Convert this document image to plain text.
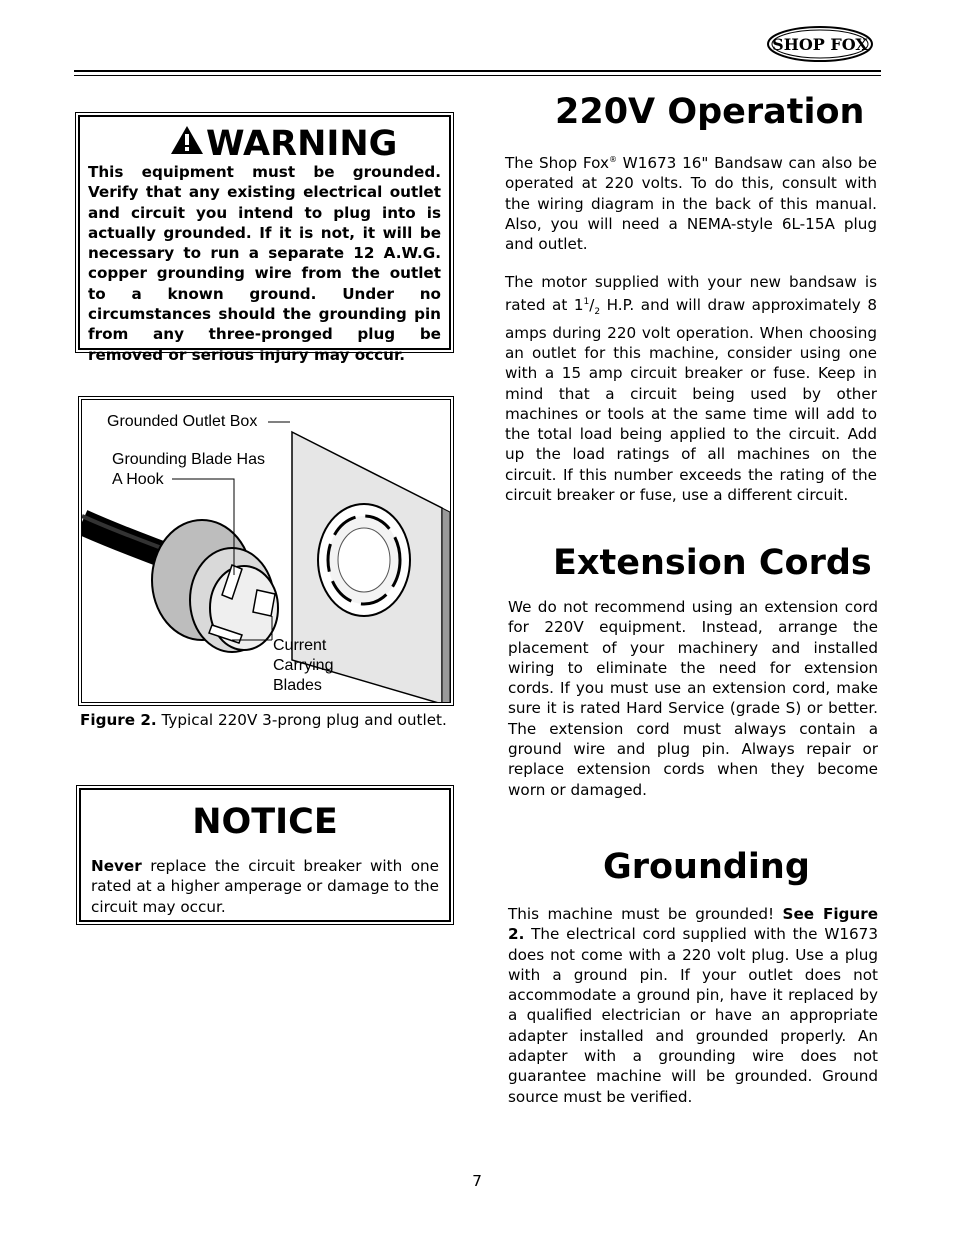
SHOP FOX
WARNING
This equipment must be grounded. Verify that any existing electrical outlet and circuit you intend to plug into is actually grounded. If it is not, it will be necessary to run a separate 12 A.W.G. copper grounding wire from the outlet to a known ground. Under no circumstances should the grounding pin from any three-pronged plug be removed or serious injury may occur.
Grounded Outlet Box
Grounding Blade Has
A Hook
Current
Carrying
Blades
Figure 2. Typical 220V 3-prong plug and outlet.
NOTICE
Never replace the circuit breaker with one rated at a higher amperage or damage to the circuit may occur.
220V Operation
The Shop Fox® W1673 16" Bandsaw can also be operated at 220 volts. To do this, consult with the wiring diagram in the back of this manual. Also, you will need a NEMA-style 6L-15A plug and outlet.
The motor supplied with your new bandsaw is rated at $1^1/_2$ H.P. and will draw approximately 8 amps during 220 volt operation. When choosing an outlet for this machine, consider using one with a 15 amp circuit breaker or fuse. Keep in mind that a circuit being used by other machines or tools at the same time will add to the total load being applied to the circuit. Add up the load ratings of all machines on the circuit. If this number exceeds the rating of the circuit breaker or fuse, use a different circuit.
Extension Cords
We do not recommend using an extension cord for 220V equipment. Instead, arrange the placement of your machinery and installed wiring to eliminate the need for extension cords. If you must use an extension cord, make sure it is rated Hard Service (grade S) or better. The extension cord must always contain a ground wire and plug pin. Always repair or replace extension cords when they become worn or damaged.
Grounding
This machine must be grounded! See Figure 2. The electrical cord supplied with the W1673 does not come with a 220 volt plug. Use a plug with a ground pin. If your outlet does not accommodate a ground pin, have it replaced by a qualified electrician or have an appropriate adapter installed and grounded properly. An adapter with a grounding wire does not guarantee machine will be grounded. Ground source must be verified.
7
